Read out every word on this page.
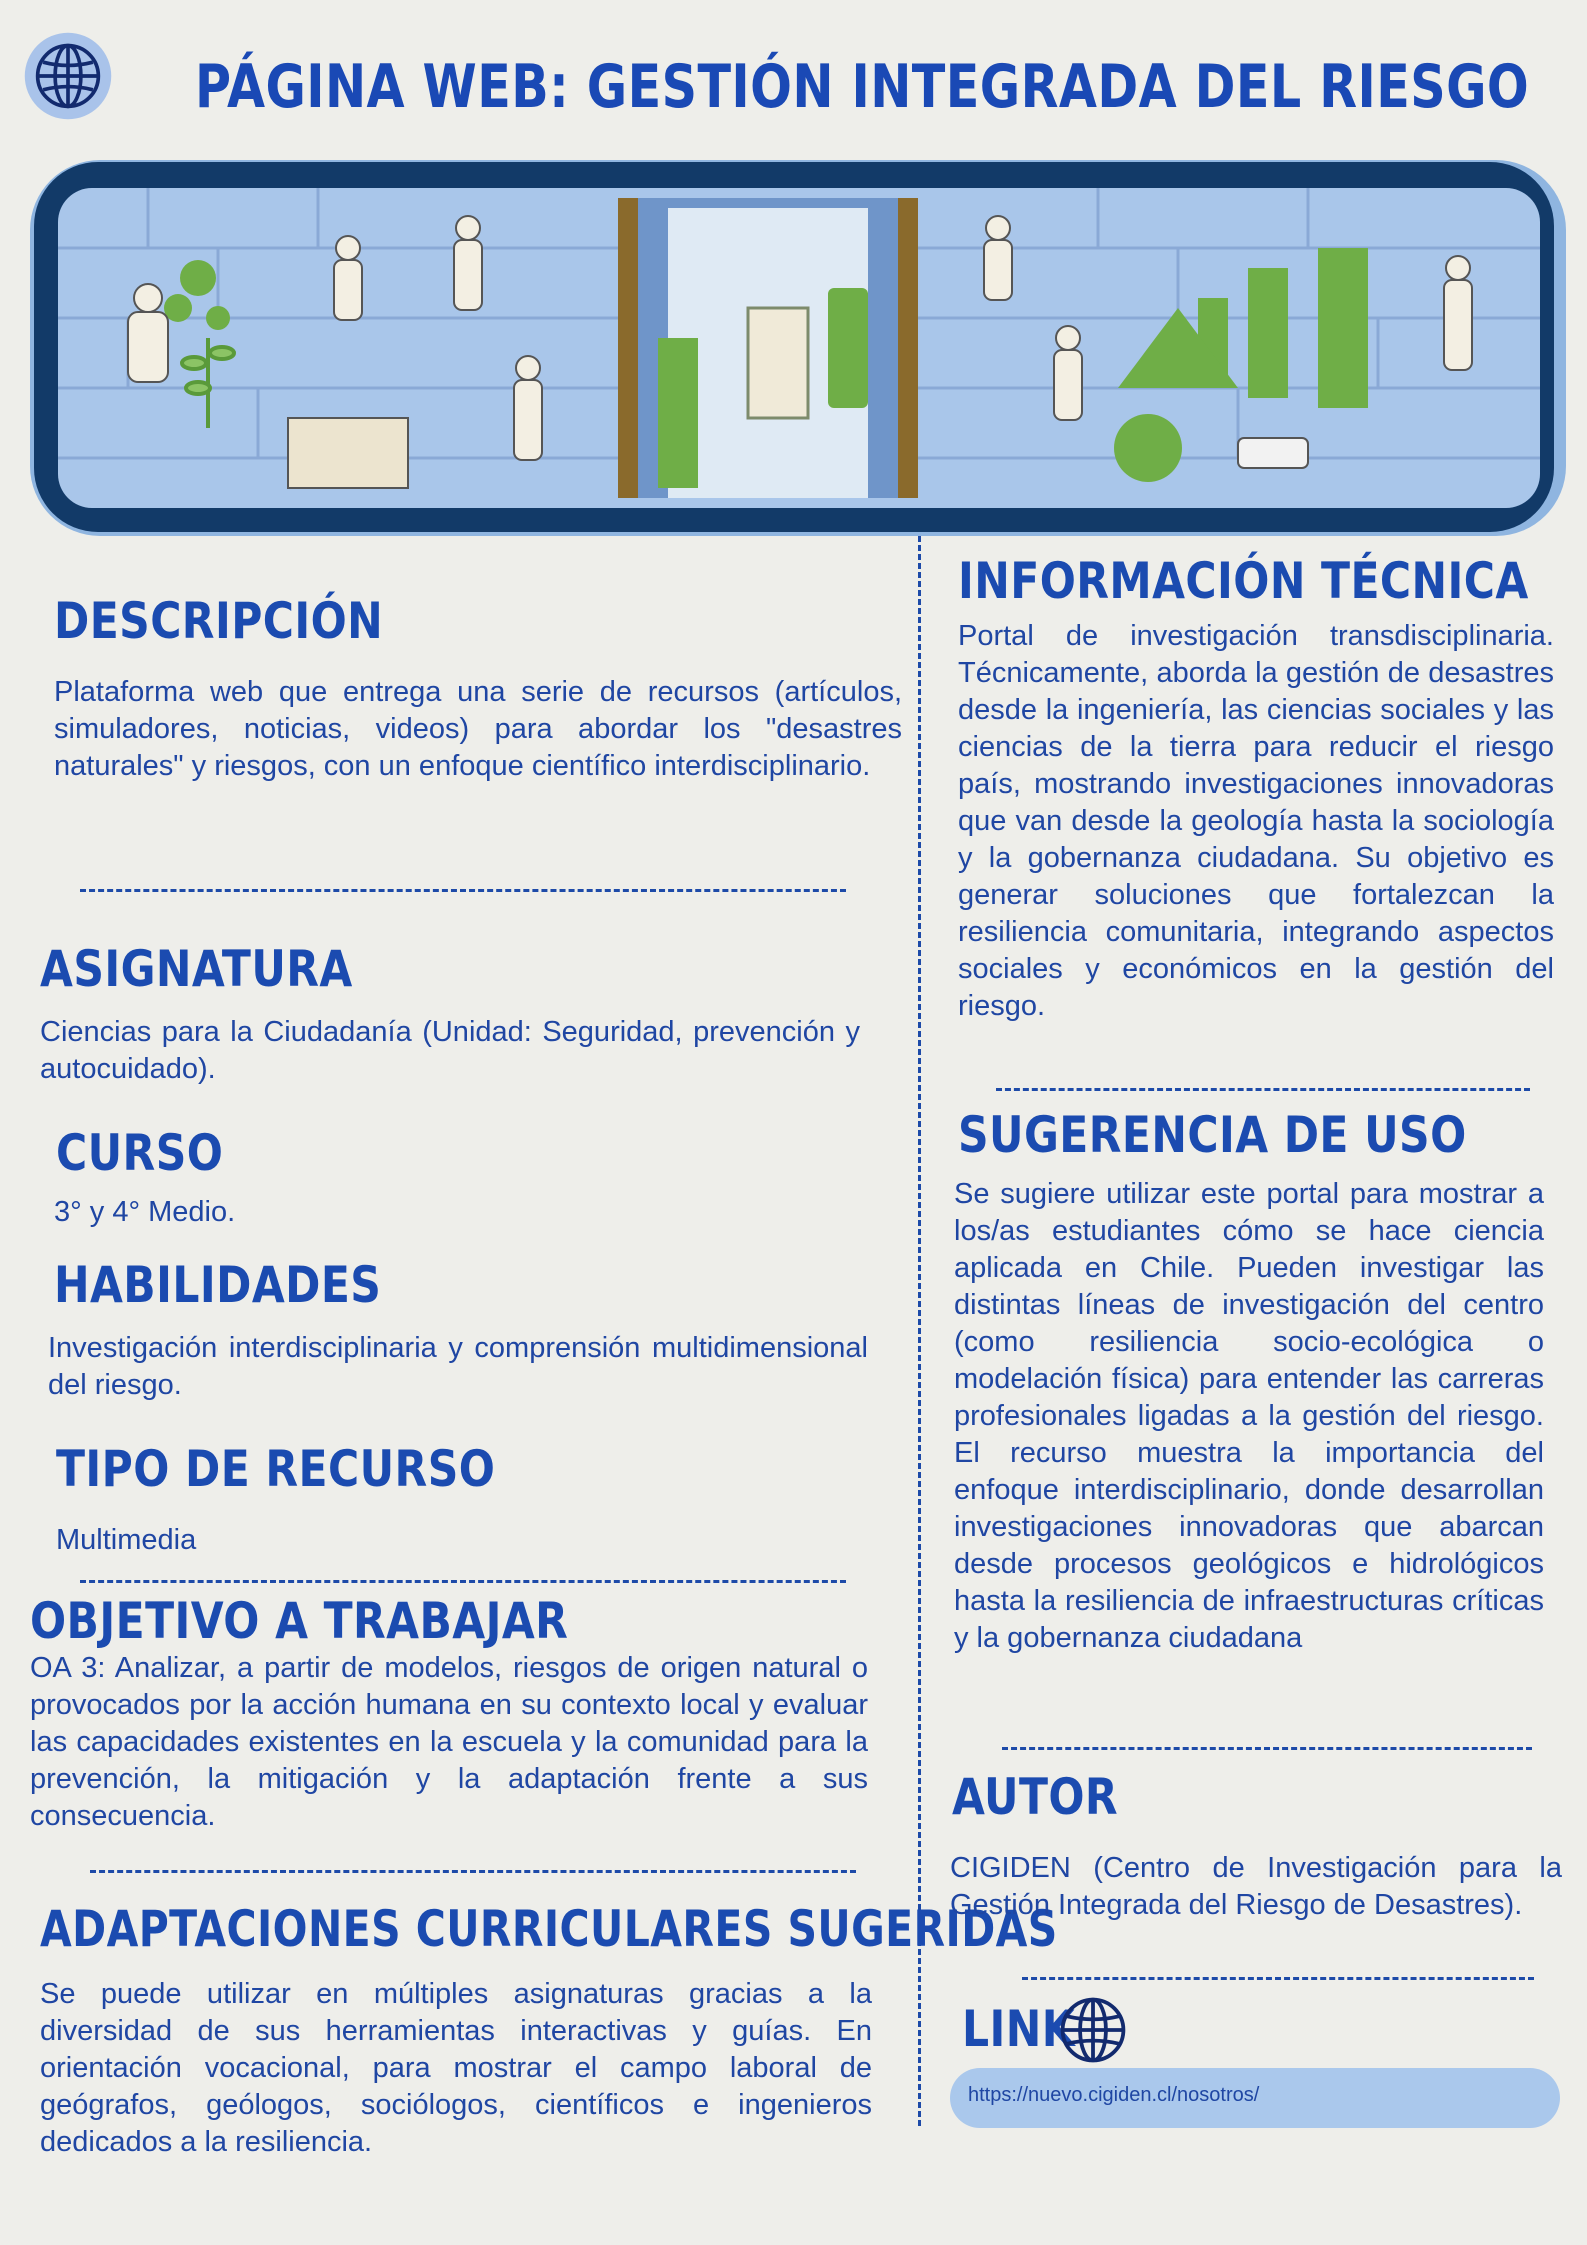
PÁGINA WEB: GESTIÓN INTEGRADA DEL RIESGO
DESCRIPCIÓN

Plataforma web que entrega una serie de recursos (artículos, simuladores, noticias, videos) para abordar los "desastres naturales" y riesgos, con un enfoque científico interdisciplinario.

ASIGNATURA

Ciencias para la Ciudadanía (Unidad: Seguridad, prevención y autocuidado).

CURSO

3° y 4° Medio.

HABILIDADES

Investigación interdisciplinaria y comprensión multidimensional del riesgo.

TIPO DE RECURSO

Multimedia

OBJETIVO A TRABAJAR

OA 3: Analizar, a partir de modelos, riesgos de origen natural o provocados por la acción humana en su contexto local y evaluar las capacidades existentes en la escuela y la comunidad para la prevención, la mitigación y la adaptación frente a sus consecuencia.

ADAPTACIONES CURRICULARES SUGERIDAS

Se puede utilizar en múltiples asignaturas gracias a la diversidad de sus herramientas interactivas y guías. En orientación vocacional, para mostrar el campo laboral de geógrafos, geólogos, sociólogos, científicos e ingenieros dedicados a la resiliencia.

INFORMACIÓN TÉCNICA

Portal de investigación transdisciplinaria. Técnicamente, aborda la gestión de desastres desde la ingeniería, las ciencias sociales y las ciencias de la tierra para reducir el riesgo país, mostrando investigaciones innovadoras que van desde la geología hasta la sociología y la gobernanza ciudadana. Su objetivo es generar soluciones que fortalezcan la resiliencia comunitaria, integrando aspectos sociales y económicos en la gestión del riesgo.

SUGERENCIA DE USO

Se sugiere utilizar este portal para mostrar a los/as estudiantes cómo se hace ciencia aplicada en Chile. Pueden investigar las distintas líneas de investigación del centro (como resiliencia socio-ecológica o modelación física) para entender las carreras profesionales ligadas a la gestión del riesgo. El recurso muestra la importancia del enfoque interdisciplinario, donde desarrollan investigaciones innovadoras que abarcan desde procesos geológicos e hidrológicos hasta la resiliencia de infraestructuras críticas y la gobernanza ciudadana

AUTOR

CIGIDEN (Centro de Investigación para la Gestión Integrada del Riesgo de Desastres).

LINK
https://nuevo.cigiden.cl/nosotros/
